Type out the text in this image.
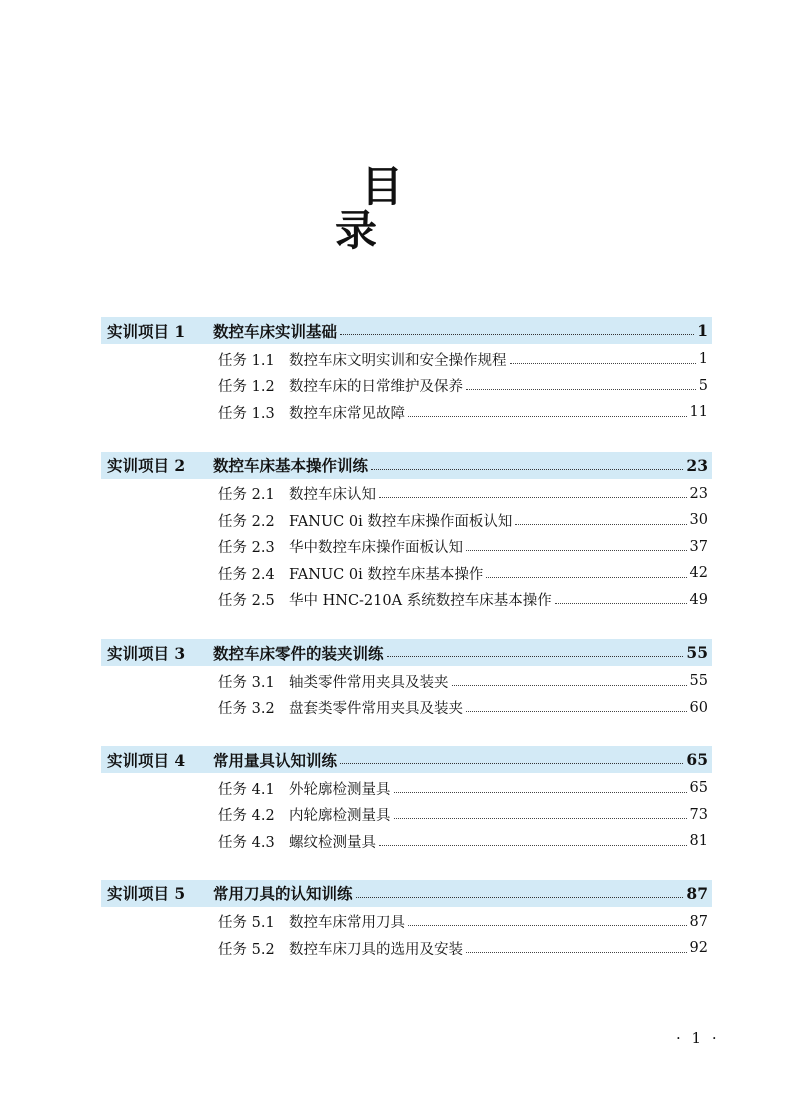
目录
实训项目 1	数控车床实训基础	1
任务 1.1 数控车床文明实训和安全操作规程	1
任务 1.2 数控车床的日常维护及保养	5
任务 1.3 数控车床常见故障	11
实训项目 2	数控车床基本操作训练	23
任务 2.1 数控车床认知	23
任务 2.2 FANUC 0i 数控车床操作面板认知	30
任务 2.3 华中数控车床操作面板认知	37
任务 2.4 FANUC 0i 数控车床基本操作	42
任务 2.5 华中 HNC-210A 系统数控车床基本操作	49
实训项目 3	数控车床零件的装夹训练	55
任务 3.1 轴类零件常用夹具及装夹	55
任务 3.2 盘套类零件常用夹具及装夹	60
实训项目 4	常用量具认知训练	65
任务 4.1 外轮廓检测量具	65
任务 4.2 内轮廓检测量具	73
任务 4.3 螺纹检测量具	81
实训项目 5	常用刀具的认知训练	87
任务 5.1 数控车床常用刀具	87
任务 5.2 数控车床刀具的选用及安装	92
· 1 ·
